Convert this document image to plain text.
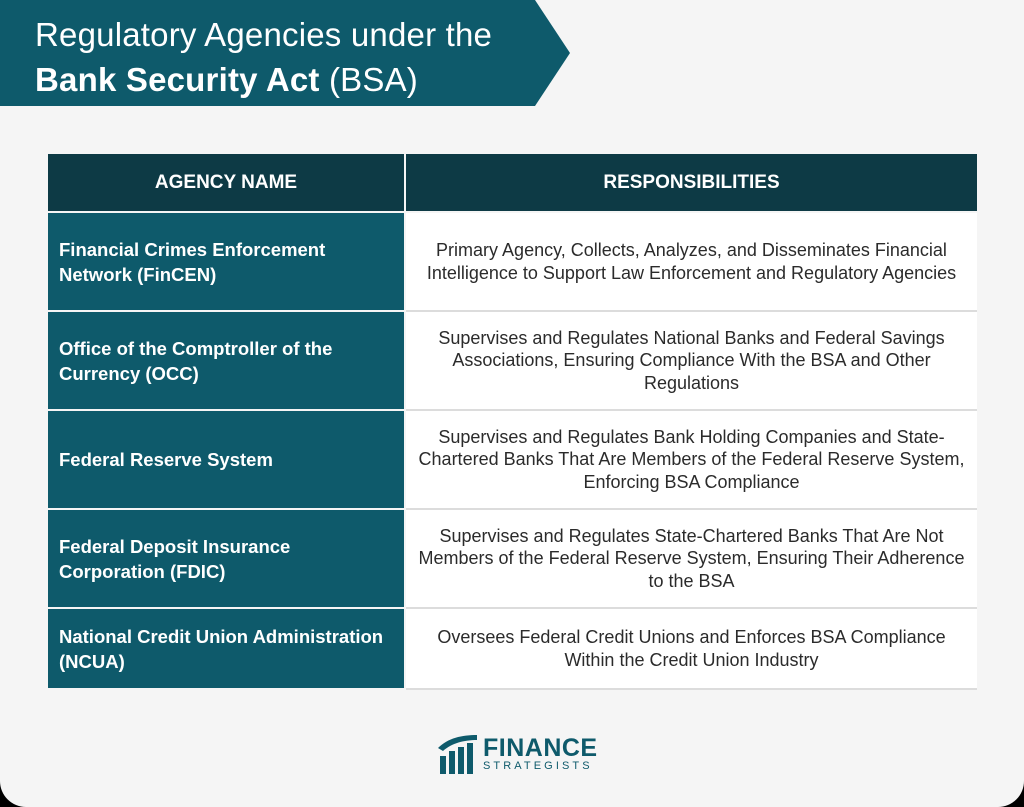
Regulatory Agencies under the
Bank Security Act (BSA)
AGENCY NAME	RESPONSIBILITIES
Financial Crimes Enforcement Network (FinCEN)	Primary Agency, Collects, Analyzes, and Disseminates Financial Intelligence to Support Law Enforcement and Regulatory Agencies
Office of the Comptroller of the Currency (OCC)	Supervises and Regulates National Banks and Federal Savings Associations, Ensuring Compliance With the BSA and Other Regulations
Federal Reserve System	Supervises and Regulates Bank Holding Companies and State-Chartered Banks That Are Members of the Federal Reserve System, Enforcing BSA Compliance
Federal Deposit Insurance Corporation (FDIC)	Supervises and Regulates State-Chartered Banks That Are Not Members of the Federal Reserve System, Ensuring Their Adherence to the BSA
National Credit Union Administration (NCUA)	Oversees Federal Credit Unions and Enforces BSA Compliance Within the Credit Union Industry
FINANCE
STRATEGISTS
